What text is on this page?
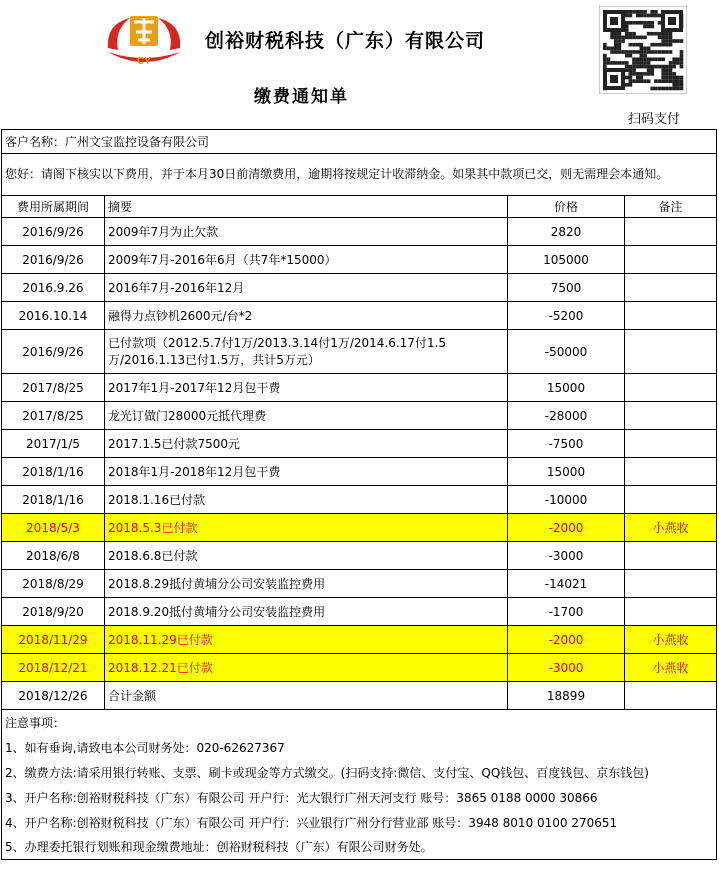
CY
创裕财税科技（广东）有限公司
缴费通知单
扫码支付
客户名称：广州文宝监控设备有限公司			
您好：请阁下核实以下费用，并于本月30日前清缴费用，逾期将按规定计收滞纳金。如果其中款项已交，则无需理会本通知。			
费用所属期间	摘要	价格	备注
2016/9/26	2009年7月为止欠款	2820	
2016/9/26	2009年7月-2016年6月（共7年*15000）	105000	
2016.9.26	2016年7月-2016年12月	7500	
2016.10.14	融得力点钞机2600元/台*2	-5200	
2016/9/26	已付款项（2012.5.7付1万/2013.3.14付1万/2014.6.17付1.5万/2016.1.13已付1.5万，共计5万元）	-50000	
2017/8/25	2017年1月-2017年12月包干费	15000	
2017/8/25	龙光订做门28000元抵代理费	-28000	
2017/1/5	2017.1.5已付款7500元	-7500	
2018/1/16	2018年1月-2018年12月包干费	15000	
2018/1/16	2018.1.16已付款	-10000	
2018/5/3	2018.5.3已付款	-2000	小燕收
2018/6/8	2018.6.8已付款	-3000	
2018/8/29	2018.8.29抵付黄埔分公司安装监控费用	-14021	
2018/9/20	2018.9.20抵付黄埔分公司安装监控费用	-1700	
2018/11/29	2018.11.29已付款	-2000	小燕收
2018/12/21	2018.12.21已付款	-3000	小燕收
2018/12/26	合计金额	18899	
注意事项：			
1、如有垂询,请致电本公司财务处：020-62627367			
2、缴费方法:请采用银行转账、支票、刷卡或现金等方式缴交。(扫码支持:微信、支付宝、QQ钱包、百度钱包、京东钱包)			
3、开户名称:创裕财税科技（广东）有限公司 开户行：光大银行广州天河支行 账号：3865 0188 0000 30866			
4、开户名称:创裕财税科技（广东）有限公司 开户行：兴业银行广州分行营业部 账号：3948 8010 0100 270651			
5、办理委托银行划账和现金缴费地址：创裕财税科技（广东）有限公司财务处。			
